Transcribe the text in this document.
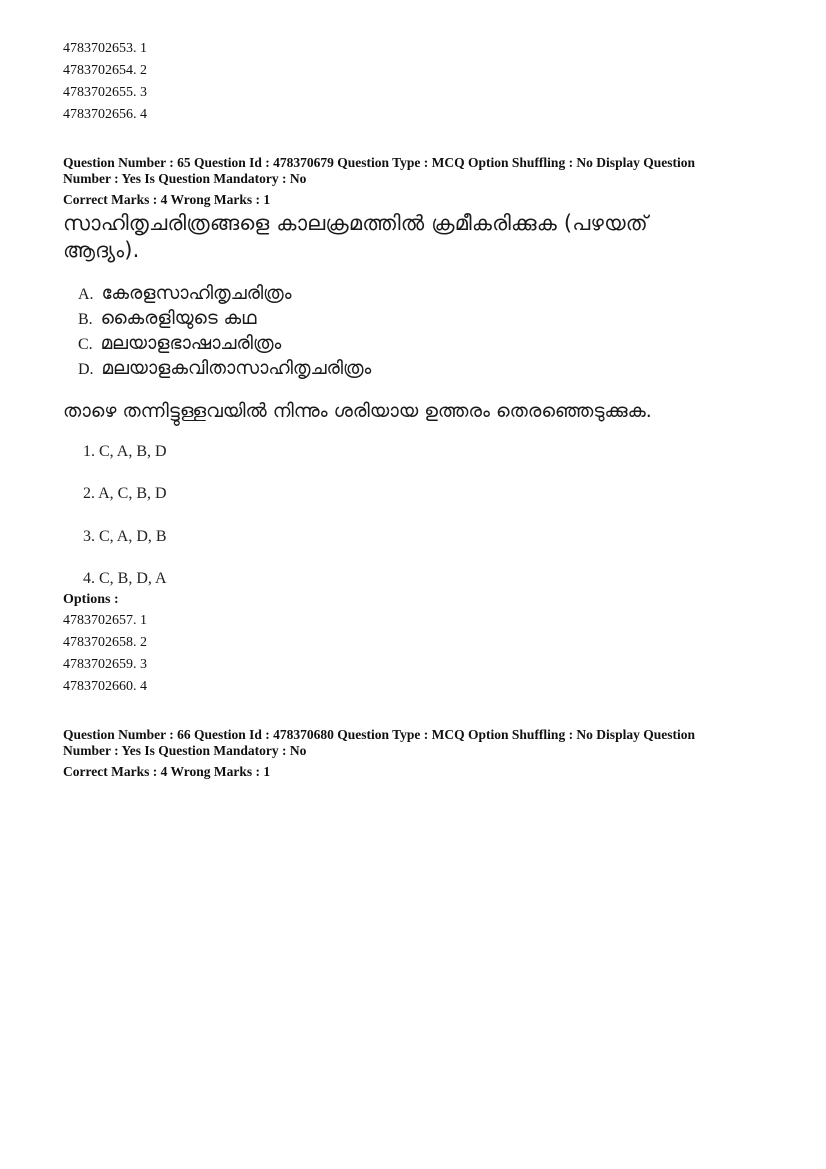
4783702653. 1
4783702654. 2
4783702655. 3
4783702656. 4
Question Number : 65 Question Id : 47837067​9 Question Type : MCQ Option Shuffling : No Display Question
Number : Yes Is Question Mandatory : No
Correct Marks : 4 Wrong Marks : 1
സാഹിതൃചരിത്രങ്ങളെ കാലക്രമത്തിൽ ക്രമീകരിക്കുക (പഴയത്
ആദ്യം).
A. കേരളസാഹിതൃചരിത്രം
B. കൈരളിയുടെ കഥ
C. മലയാളഭാഷാചരിത്രം
D. മലയാളകവിതാസാഹിതൃചരിത്രം
താഴെ തന്നിട്ടുള്ളവയിൽ നിന്നും ശരിയായ ഉത്തരം തെരഞ്ഞെടുക്കുക.
1. C, A, B, D
2. A, C, B, D
3. C, A, D, B
4. C, B, D, A
Options :
4783702657. 1
4783702658. 2
4783702659. 3
4783702660. 4
Question Number : 66 Question Id : 47837068​0 Question Type : MCQ Option Shuffling : No Display Question
Number : Yes Is Question Mandatory : No
Correct Marks : 4 Wrong Marks : 1
